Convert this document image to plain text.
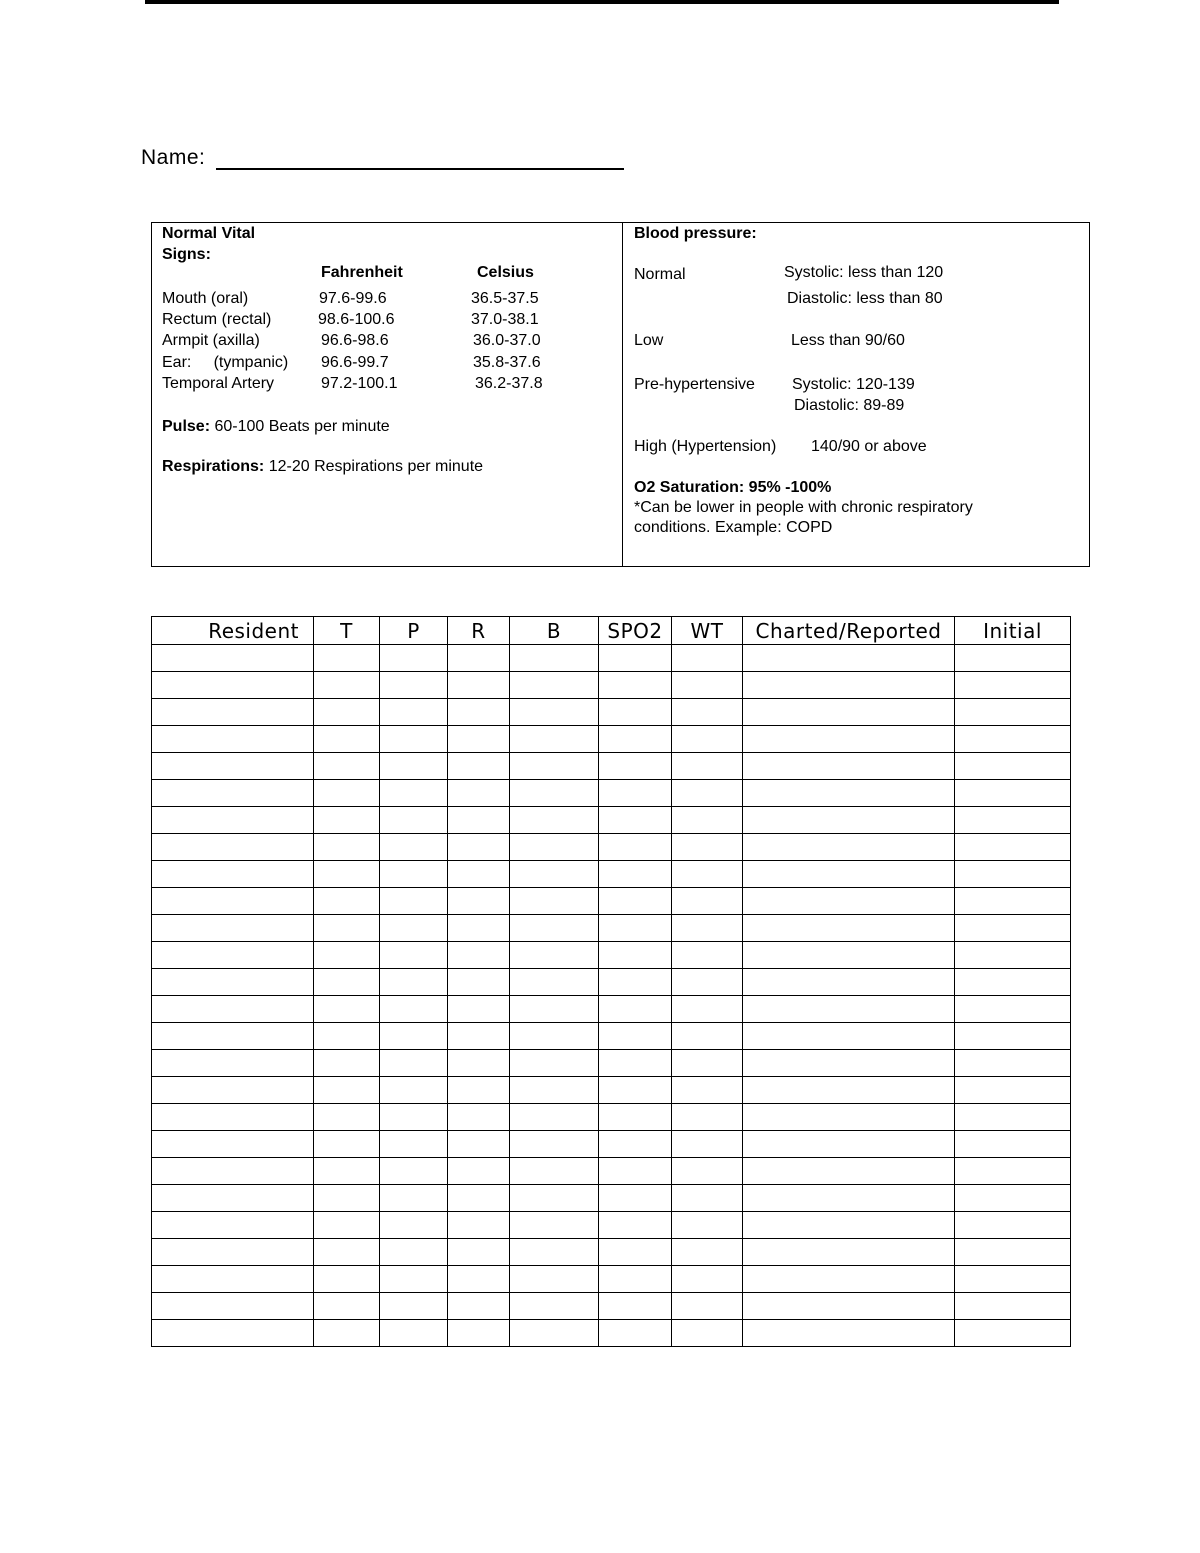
Name:
Normal Vital
Signs:
Fahrenheit	Celsius
Mouth (oral)	97.6-99.6	36.5-37.5
Rectum (rectal)	98.6-100.6	37.0-38.1
Armpit (axilla)	96.6-98.6	36.0-37.0
Ear:     (tympanic) 96.6-99.7	35.8-37.6
Temporal Artery	97.2-100.1	36.2-37.8
Pulse: 60-100 Beats per minute
Respirations: 12-20 Respirations per minute
Blood pressure:
Normal	Systolic: less than 120
Diastolic: less than 80
Low	Less than 90/60
Pre-hypertensive Systolic: 120-139
Diastolic: 89-89
High (Hypertension) 140/90 or above
O2 Saturation: 95% -100%
*Can be lower in people with chronic respiratory
conditions. Example: COPD
Resident	T	P	R	B	SPO2	WT	Charted/Reported	Initial
